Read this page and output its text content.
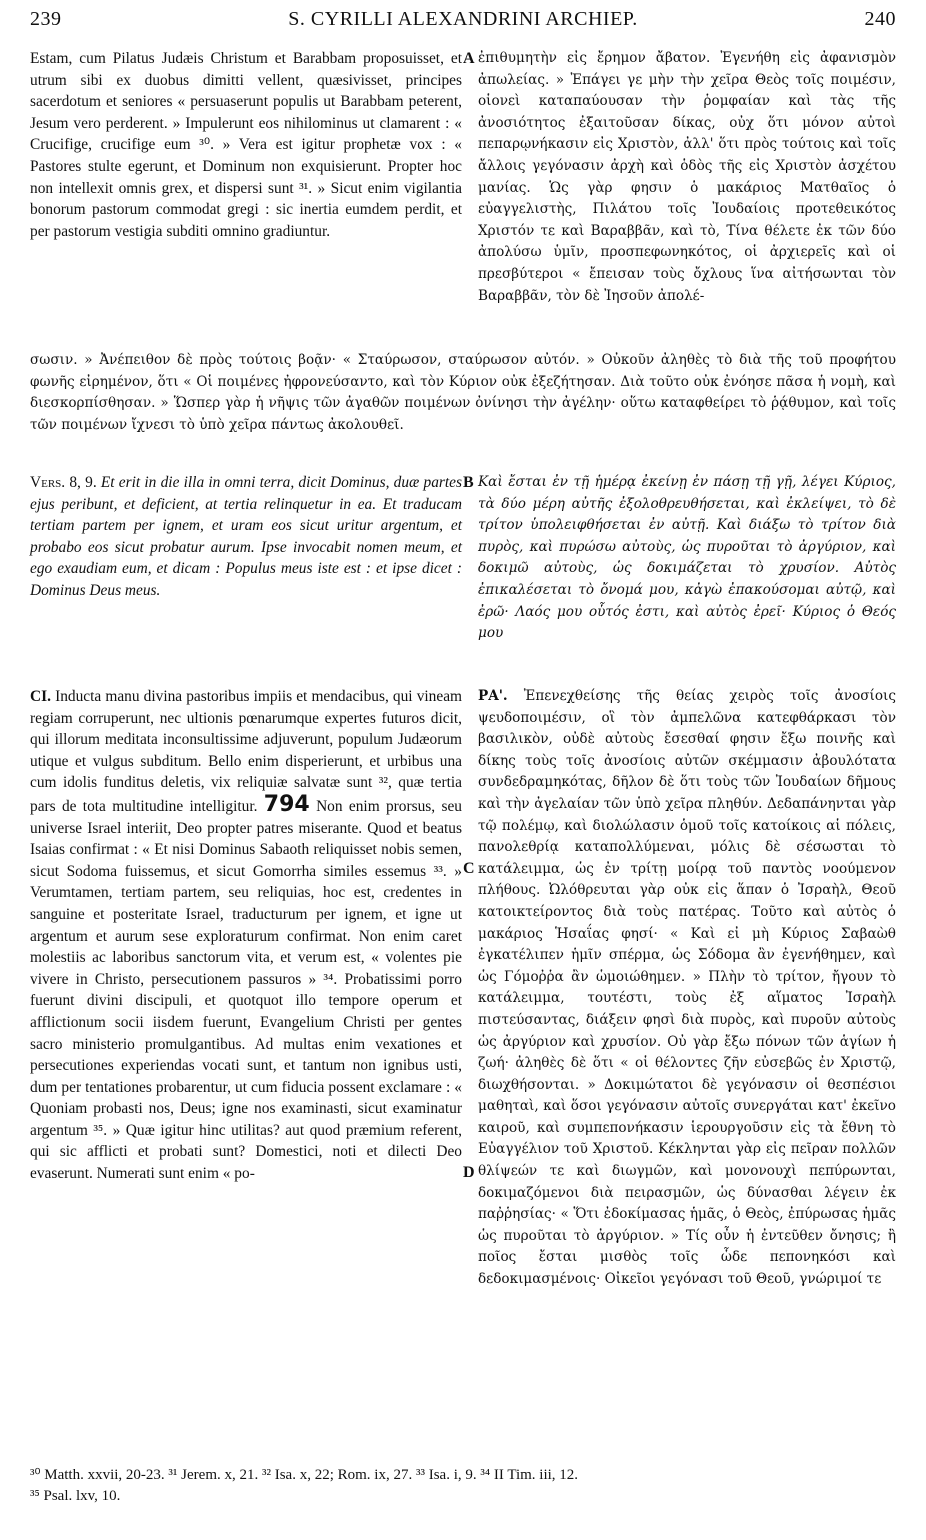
239	S. CYRILLI ALEXANDRINI ARCHIEP.	240

Estam, cum Pilatus Judæis Christum et Barabbam proposuisset, et utrum sibi ex duobus dimitti vellent, quæsivisset, principes sacerdotum et seniores « persuaserunt populis ut Barabbam peterent, Jesum vero perderent. » Impulerunt eos nihilominus ut clamarent : « Crucifige, crucifige eum ³⁰. » Vera est igitur prophetæ vox : « Pastores stulte egerunt, et Dominum non exquisierunt. Propter hoc non intellexit omnis grex, et dispersi sunt ³¹. » Sicut enim vigilantia bonorum pastorum commodat gregi : sic inertia eumdem perdit, et per pastorum vestigia subditi omnino gradiuntur.

A ἐπιθυμητὴν εἰς ἔρημον ἄβατον. Ἐγενήθη εἰς ἀφανισμὸν ἀπωλείας. » Ἐπάγει γε μὴν τὴν χεῖρα Θεὸς τοῖς ποιμέσιν, οἱονεὶ καταπαύουσαν τὴν ῥομφαίαν καὶ τὰς τῆς ἀνοσιότητος ἐξαιτοῦσαν δίκας, οὐχ ὅτι μόνον αὐτοὶ πεπαρῳνήκασιν εἰς Χριστὸν, ἀλλ' ὅτι πρὸς τούτοις καὶ τοῖς ἄλλοις γεγόνασιν ἀρχὴ καὶ ὁδὸς τῆς εἰς Χριστὸν ἀσχέτου μανίας. Ὡς γὰρ φησιν ὁ μακάριος Ματθαῖος ὁ εὐαγγελιστὴς, Πιλάτου τοῖς Ἰουδαίοις προτεθεικότος Χριστόν τε καὶ Βαραββᾶν, καὶ τὸ, Τίνα θέλετε ἐκ τῶν δύο ἀπολύσω ὑμῖν, προσπεφωνηκότος, οἱ ἀρχιερεῖς καὶ οἱ πρεσβύτεροι « ἔπεισαν τοὺς ὄχλους ἵνα αἰτήσωνται τὸν Βαραββᾶν, τὸν δὲ Ἰησοῦν ἀπολέ-

σωσιν. » Ἀνέπειθον δὲ πρὸς τούτοις βοᾷν· « Σταύρωσον, σταύρωσον αὐτόν. » Οὐκοῦν ἀληθὲς τὸ διὰ τῆς τοῦ προφήτου φωνῆς εἰρημένον, ὅτι « Οἱ ποιμένες ἠφρονεύσαντο, καὶ τὸν Κύριον οὐκ ἐξεζήτησαν. Διὰ τοῦτο οὐκ ἐνόησε πᾶσα ἡ νομὴ, καὶ διεσκορπίσθησαν. » Ὥσπερ γὰρ ἡ νῆψις τῶν ἀγαθῶν ποιμένων ὀνίνησι τὴν ἀγέλην· οὕτω καταφθείρει τὸ ῥᾴθυμον, καὶ τοῖς τῶν ποιμένων ἴχνεσι τὸ ὑπὸ χεῖρα πάντως ἀκολουθεῖ.

Vers. 8, 9. Et erit in die illa in omni terra, dicit Dominus, duæ partes ejus peribunt, et deficient, at tertia relinquetur in ea. Et traducam tertiam partem per ignem, et uram eos sicut uritur argentum, et probabo eos sicut probatur aurum. Ipse invocabit nomen meum, et ego exaudiam eum, et dicam : Populus meus iste est : et ipse dicet : Dominus Deus meus.

B Καὶ ἔσται ἐν τῇ ἡμέρᾳ ἐκείνῃ ἐν πάσῃ τῇ γῇ, λέγει Κύριος, τὰ δύο μέρη αὐτῆς ἐξολοθρευθήσεται, καὶ ἐκλείψει, τὸ δὲ τρίτον ὑπολειφθήσεται ἐν αὐτῇ. Καὶ διάξω τὸ τρίτον διὰ πυρὸς, καὶ πυρώσω αὐτοὺς, ὡς πυροῦται τὸ ἀργύριον, καὶ δοκιμῶ αὐτοὺς, ὡς δοκιμάζεται τὸ χρυσίον. Αὐτὸς ἐπικαλέσεται τὸ ὄνομά μου, κἀγὼ ἐπακούσομαι αὐτῷ, καὶ ἐρῶ· Λαός μου οὗτός ἐστι, καὶ αὐτὸς ἐρεῖ· Κύριος ὁ Θεός μου

CI. Inducta manu divina pastoribus impiis et mendacibus, qui vineam regiam corruperunt, nec ultionis pœnarumque expertes futuros dicit, qui illorum meditata inconsultissime adjuverunt, populum Judæorum utique et vulgus subditum. Bello enim disperierunt, et urbibus una cum idolis funditus deletis, vix reliquiæ salvatæ sunt ³², quæ tertia pars de tota multitudine intelligitur. 794 Non enim prorsus, seu universe Israel interiit, Deo propter patres miserante. Quod et beatus Isaias confirmat : « Et nisi Dominus Sabaoth reliquisset nobis semen, sicut Sodoma fuissemus, et sicut Gomorrha similes essemus ³³. » Verumtamen, tertiam partem, seu reliquias, hoc est, credentes in sanguine et posteritate Israel, traducturum per ignem, et igne ut argentum et aurum sese exploraturum confirmat. Non enim caret molestiis ac laboribus sanctorum vita, et verum est, « volentes pie vivere in Christo, persecutionem passuros » ³⁴. Probatissimi porro fuerunt divini discipuli, et quotquot illo tempore operum et afflictionum socii iisdem fuerunt, Evangelium Christi per gentes sacro ministerio promulgantibus. Ad multas enim vexationes et persecutiones experiendas vocati sunt, et tantum non ignibus usti, dum per tentationes probarentur, ut cum fiducia possent exclamare : « Quoniam probasti nos, Deus; igne nos examinasti, sicut examinatur argentum ³⁵. » Quæ igitur hinc utilitas? aut quod præmium referent, qui sic afflicti et probati sunt? Domestici, noti et dilecti Deo evaserunt. Numerati sunt enim « po-

C
D

ΡΑ'. Ἐπενεχθείσης τῆς θείας χειρὸς τοῖς ἀνοσίοις ψευδοποιμέσιν, οἳ τὸν ἀμπελῶνα κατεφθάρκασι τὸν βασιλικὸν, οὐδὲ αὐτοὺς ἔσεσθαί φησιν ἔξω ποινῆς καὶ δίκης τοὺς τοῖς ἀνοσίοις αὐτῶν σκέμμασιν ἀβουλότατα συνδεδραμηκότας, δῆλον δὲ ὅτι τοὺς τῶν Ἰουδαίων δῆμους καὶ τὴν ἀγελαίαν τῶν ὑπὸ χεῖρα πληθύν. Δεδαπάνηνται γὰρ τῷ πολέμῳ, καὶ διολώλασιν ὁμοῦ τοῖς κατοίκοις αἱ πόλεις, πανολεθρίᾳ καταπολλύμεναι, μόλις δὲ σέσωσται τὸ κατάλειμμα, ὡς ἐν τρίτῃ μοίρᾳ τοῦ παντὸς νοούμενον πλήθους. Ὠλόθρευται γὰρ οὐκ εἰς ἅπαν ὁ Ἰσραὴλ, Θεοῦ κατοικτείροντος διὰ τοὺς πατέρας. Τοῦτο καὶ αὐτὸς ὁ μακάριος Ἡσαΐας φησί· « Καὶ εἰ μὴ Κύριος Σαβαὼθ ἐγκατέλιπεν ἡμῖν σπέρμα, ὡς Σόδομα ἂν ἐγενήθημεν, καὶ ὡς Γόμοῤῥα ἂν ὡμοιώθημεν. » Πλὴν τὸ τρίτον, ἤγουν τὸ κατάλειμμα, τουτέστι, τοὺς ἐξ αἵματος Ἰσραὴλ πιστεύσαντας, διάξειν φησὶ διὰ πυρὸς, καὶ πυροῦν αὐτοὺς ὡς ἀργύριον καὶ χρυσίον. Οὐ γὰρ ἔξω πόνων τῶν ἁγίων ἡ ζωή· ἀληθὲς δὲ ὅτι « οἱ θέλοντες ζῆν εὐσεβῶς ἐν Χριστῷ, διωχθήσονται. » Δοκιμώτατοι δὲ γεγόνασιν οἱ θεσπέσιοι μαθηταὶ, καὶ ὅσοι γεγόνασιν αὐτοῖς συνεργάται κατ' ἐκεῖνο καιροῦ, καὶ συμπεπονήκασιν ἱερουργοῦσιν εἰς τὰ ἔθνη τὸ Εὐαγγέλιον τοῦ Χριστοῦ. Κέκληνται γὰρ εἰς πεῖραν πολλῶν θλίψεών τε καὶ διωγμῶν, καὶ μονονουχὶ πεπύρωνται, δοκιμαζόμενοι διὰ πειρασμῶν, ὡς δύνασθαι λέγειν ἐκ παῤῥησίας· « Ὅτι ἐδοκίμασας ἡμᾶς, ὁ Θεὸς, ἐπύρωσας ἡμᾶς ὡς πυροῦται τὸ ἀργύριον. » Τίς οὖν ἡ ἐντεῦθεν ὄνησις; ἢ ποῖος ἔσται μισθὸς τοῖς ὧδε πεπονηκόσι καὶ δεδοκιμασμένοις· Οἰκεῖοι γεγόνασι τοῦ Θεοῦ, γνώριμοί τε

³⁰ Matth. xxvii, 20-23. ³¹ Jerem. x, 21. ³² Isa. x, 22; Rom. ix, 27. ³³ Isa. i, 9. ³⁴ II Tim. iii, 12.

³⁵ Psal. lxv, 10.
